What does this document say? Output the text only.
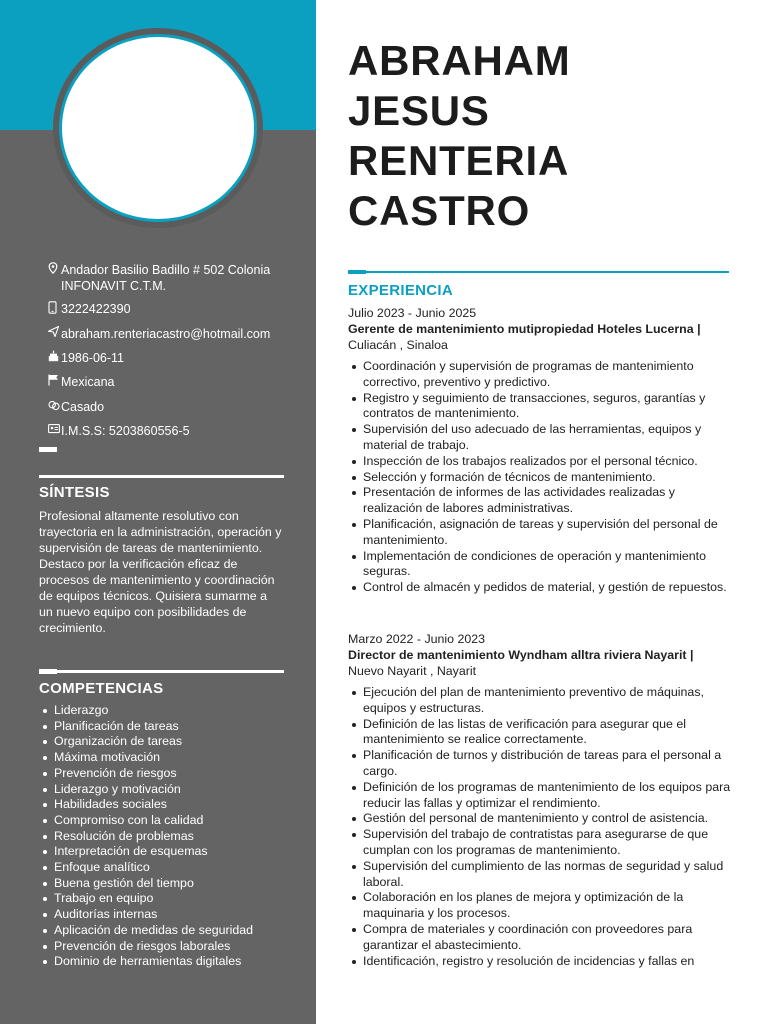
Andador Basilio Badillo # 502 Colonia INFONAVIT C.T.M.
3222422390
abraham.renteriacastro@hotmail.com
1986-06-11
Mexicana
Casado
I.M.S.S: 5203860556-5
SÍNTESIS
Profesional altamente resolutivo con trayectoria en la administración, operación y supervisión de tareas de mantenimiento. Destaco por la verificación eficaz de procesos de mantenimiento y coordinación de equipos técnicos. Quisiera sumarme a un nuevo equipo con posibilidades de crecimiento.
COMPETENCIAS
Liderazgo
Planificación de tareas
Organización de tareas
Máxima motivación
Prevención de riesgos
Liderazgo y motivación
Habilidades sociales
Compromiso con la calidad
Resolución de problemas
Interpretación de esquemas
Enfoque analítico
Buena gestión del tiempo
Trabajo en equipo
Auditorías internas
Aplicación de medidas de seguridad
Prevención de riesgos laborales
Dominio de herramientas digitales
ABRAHAM
JESUS
RENTERIA
CASTRO
EXPERIENCIA
Julio 2023 - Junio 2025
Gerente de mantenimiento mutipropiedad Hoteles Lucerna |
Culiacán , Sinaloa
Coordinación y supervisión de programas de mantenimiento correctivo, preventivo y predictivo.
Registro y seguimiento de transacciones, seguros, garantías y contratos de mantenimiento.
Supervisión del uso adecuado de las herramientas, equipos y material de trabajo.
Inspección de los trabajos realizados por el personal técnico.
Selección y formación de técnicos de mantenimiento.
Presentación de informes de las actividades realizadas y realización de labores administrativas.
Planificación, asignación de tareas y supervisión del personal de mantenimiento.
Implementación de condiciones de operación y mantenimiento seguras.
Control de almacén y pedidos de material, y gestión de repuestos.
Marzo 2022 - Junio 2023
Director de mantenimiento Wyndham alltra riviera Nayarit |
Nuevo Nayarit , Nayarit
Ejecución del plan de mantenimiento preventivo de máquinas, equipos y estructuras.
Definición de las listas de verificación para asegurar que el mantenimiento se realice correctamente.
Planificación de turnos y distribución de tareas para el personal a cargo.
Definición de los programas de mantenimiento de los equipos para reducir las fallas y optimizar el rendimiento.
Gestión del personal de mantenimiento y control de asistencia.
Supervisión del trabajo de contratistas para asegurarse de que cumplan con los programas de mantenimiento.
Supervisión del cumplimiento de las normas de seguridad y salud laboral.
Colaboración en los planes de mejora y optimización de la maquinaria y los procesos.
Compra de materiales y coordinación con proveedores para garantizar el abastecimiento.
Identificación, registro y resolución de incidencias y fallas en
